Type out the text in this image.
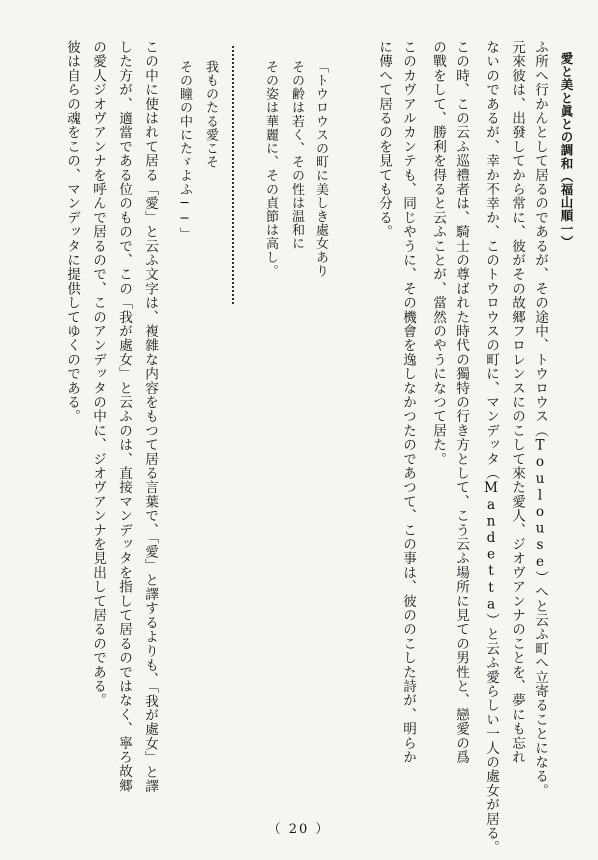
ふ所へ行かんとして居るのであるが、その途中、トウロウス（Toulouse）へと云ふ町へ立寄ることになる。 愛と美と眞との調和（福山順一）
元來彼は、出發してから常に、彼がその故郷フロレンスにのこして來た愛人、ジオヴアンナのことを、夢にも忘れ
ないのであるが、幸か不幸か、このトウロウスの町に、マンデッタ（Mandetta）と云ふ愛らしい一人の處女が居る。
この時、この云ふ巡禮者は、騎士の尊ばれた時代の獨特の行き方として、こう云ふ場所に見ての男性と、戀愛の爲
の戰をして、勝利を得ると云ふことが、當然のやうになつて居た。
このカヴアルカンテも、同じやうに、その機會を逸しなかつたのであつて、この事は、彼ののこした詩が、明らか
に傳へて居るのを見ても分る。
「トウロウスの町に美しき處女あり
その齢は若く、その性は温和に
その姿は華麗に、その貞節は高し。
我ものたる愛こそ
その瞳の中にたゞよふ──」
この中に使はれて居る「愛」と云ふ文字は、複雜な内容をもつて居る言葉で、「愛」と譯するよりも、「我が處女」と譯
した方が、適當である位のもので、この「我が處女」と云ふのは、直接マンデッタを指して居るのではなく、寧ろ故郷
の愛人ジオヴアンナを呼んで居るので、このアンデッタの中に、ジオヴアンナを見出して居るのである。
彼は自らの魂をこの、マンデッタに提供してゆくのである。
（ 20 ）
